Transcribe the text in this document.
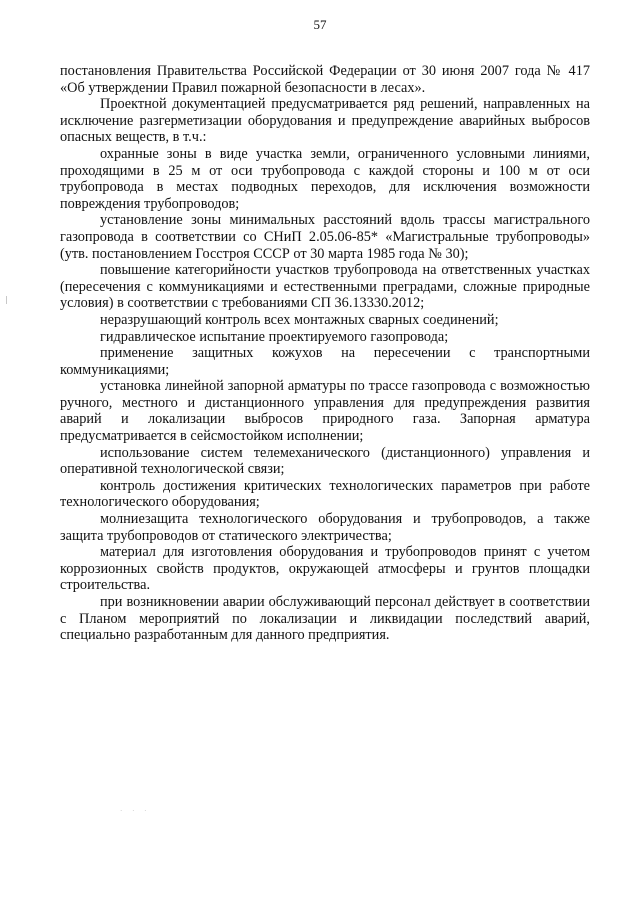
57

постановления Правительства Российской Федерации от 30 июня 2007 года № 417 «Об утверждении Правил пожарной безопасности в лесах».

Проектной документацией предусматривается ряд решений, направленных на исключение разгерметизации оборудования и предупреждение аварийных выбросов опасных веществ, в т.ч.:

охранные зоны в виде участка земли, ограниченного условными линиями, проходящими в 25 м от оси трубопровода с каждой стороны и 100 м от оси трубопровода в местах подводных переходов, для исключения возможности повреждения трубопроводов;

установление зоны минимальных расстояний вдоль трассы магистрального газопровода в соответствии со СНиП 2.05.06-85* «Магистральные трубопроводы» (утв. постановлением Госстроя СССР от 30 марта 1985 года № 30);

повышение категорийности участков трубопровода на ответственных участках (пересечения с коммуникациями и естественными преградами, сложные природные условия) в соответствии с требованиями СП 36.13330.2012;

неразрушающий контроль всех монтажных сварных соединений;

гидравлическое испытание проектируемого газопровода;

применение защитных кожухов на пересечении с транспортными коммуникациями;

установка линейной запорной арматуры по трассе газопровода с возможностью ручного, местного и дистанционного управления для предупреждения развития аварий и локализации выбросов природного газа. Запорная арматура предусматривается в сейсмостойком исполнении;

использование систем телемеханического (дистанционного) управления и оперативной технологической связи;

контроль достижения критических технологических параметров при работе технологического оборудования;

молниезащита технологического оборудования и трубопроводов, а также защита трубопроводов от статического электричества;

материал для изготовления оборудования и трубопроводов принят с учетом коррозионных свойств продуктов, окружающей атмосферы и грунтов площадки строительства.

при возникновении аварии обслуживающий персонал действует в соответствии с Планом мероприятий по локализации и ликвидации последствий аварий, специально разработанным для данного предприятия.

· · ·
